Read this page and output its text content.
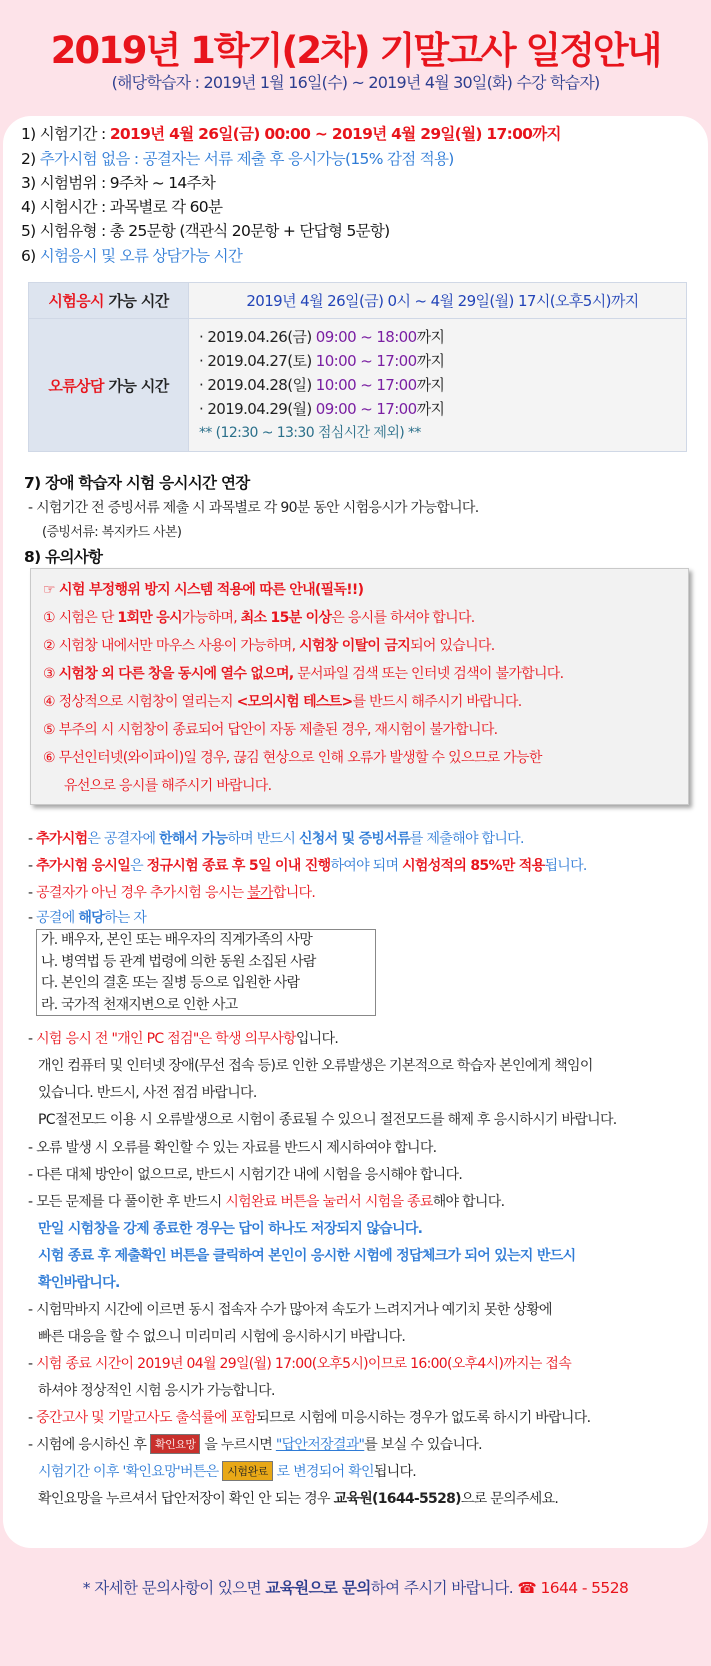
2019년 1학기(2차) 기말고사 일정안내
(해당학습자 : 2019년 1월 16일(수) ~ 2019년 4월 30일(화) 수강 학습자)
1) 시험기간 : 2019년 4월 26일(금) 00:00 ~ 2019년 4월 29일(월) 17:00까지
2) 추가시험 없음 : 공결자는 서류 제출 후 응시가능(15% 감점 적용)
3) 시험범위 : 9주차 ~ 14주차
4) 시험시간 : 과목별로 각 60분
5) 시험유형 : 총 25문항 (객관식 20문항 + 단답형 5문항)
6) 시험응시 및 오류 상담가능 시간
시험응시 가능 시간	2019년 4월 26일(금) 0시 ~ 4월 29일(월) 17시(오후5시)까지
오류상담 가능 시간	· 2019.04.26(금) 09:00 ~ 18:00까지
· 2019.04.27(토) 10:00 ~ 17:00까지
· 2019.04.28(일) 10:00 ~ 17:00까지
· 2019.04.29(월) 09:00 ~ 17:00까지
** (12:30 ~ 13:30 점심시간 제외) **
7) 장애 학습자 시험 응시시간 연장
- 시험기간 전 증빙서류 제출 시 과목별로 각 90분 동안 시험응시가 가능합니다.
(증빙서류: 복지카드 사본)
8) 유의사항
☞ 시험 부정행위 방지 시스템 적용에 따른 안내(필독!!)
① 시험은 단 1회만 응시가능하며, 최소 15분 이상은 응시를 하셔야 합니다.
② 시험창 내에서만 마우스 사용이 가능하며, 시험창 이탈이 금지되어 있습니다.
③ 시험창 외 다른 창을 동시에 열수 없으며, 문서파일 검색 또는 인터넷 검색이 불가합니다.
④ 정상적으로 시험창이 열리는지 <모의시험 테스트>를 반드시 해주시기 바랍니다.
⑤ 부주의 시 시험창이 종료되어 답안이 자동 제출된 경우, 재시험이 불가합니다.
⑥ 무선인터넷(와이파이)일 경우, 끊김 현상으로 인해 오류가 발생할 수 있으므로 가능한
유선으로 응시를 해주시기 바랍니다.
- 추가시험은 공결자에 한해서 가능하며 반드시 신청서 및 증빙서류를 제출해야 합니다.
- 추가시험 응시일은 정규시험 종료 후 5일 이내 진행하여야 되며 시험성적의 85%만 적용됩니다.
- 공결자가 아닌 경우 추가시험 응시는 불가합니다.
- 공결에 해당하는 자
가. 배우자, 본인 또는 배우자의 직계가족의 사망
나. 병역법 등 관계 법령에 의한 동원 소집된 사람
다. 본인의 결혼 또는 질병 등으로 입원한 사람
라. 국가적 천재지변으로 인한 사고
- 시험 응시 전 "개인 PC 점검"은 학생 의무사항입니다.
개인 컴퓨터 및 인터넷 장애(무선 접속 등)로 인한 오류발생은 기본적으로 학습자 본인에게 책임이
있습니다. 반드시, 사전 점검 바랍니다.
PC절전모드 이용 시 오류발생으로 시험이 종료될 수 있으니 절전모드를 해제 후 응시하시기 바랍니다.
- 오류 발생 시 오류를 확인할 수 있는 자료를 반드시 제시하여야 합니다.
- 다른 대체 방안이 없으므로, 반드시 시험기간 내에 시험을 응시해야 합니다.
- 모든 문제를 다 풀이한 후 반드시 시험완료 버튼을 눌러서 시험을 종료해야 합니다.
만일 시험창을 강제 종료한 경우는 답이 하나도 저장되지 않습니다.
시험 종료 후 제출확인 버튼을 클릭하여 본인이 응시한 시험에 정답체크가 되어 있는지 반드시
확인바랍니다.
- 시험막바지 시간에 이르면 동시 접속자 수가 많아져 속도가 느려지거나 예기치 못한 상황에
빠른 대응을 할 수 없으니 미리미리 시험에 응시하시기 바랍니다.
- 시험 종료 시간이 2019년 04월 29일(월) 17:00(오후5시)이므로 16:00(오후4시)까지는 접속
하셔야 정상적인 시험 응시가 가능합니다.
- 중간고사 및 기말고사도 출석률에 포함되므로 시험에 미응시하는 경우가 없도록 하시기 바랍니다.
- 시험에 응시하신 후 확인요망 을 누르시면 "답안저장결과"를 보실 수 있습니다.
시험기간 이후 '확인요망'버튼은 시험완료 로 변경되어 확인됩니다.
확인요망을 누르셔서 답안저장이 확인 안 되는 경우 교육원(1644-5528)으로 문의주세요.
* 자세한 문의사항이 있으면 교육원으로 문의하여 주시기 바랍니다. ☎ 1644 - 5528
